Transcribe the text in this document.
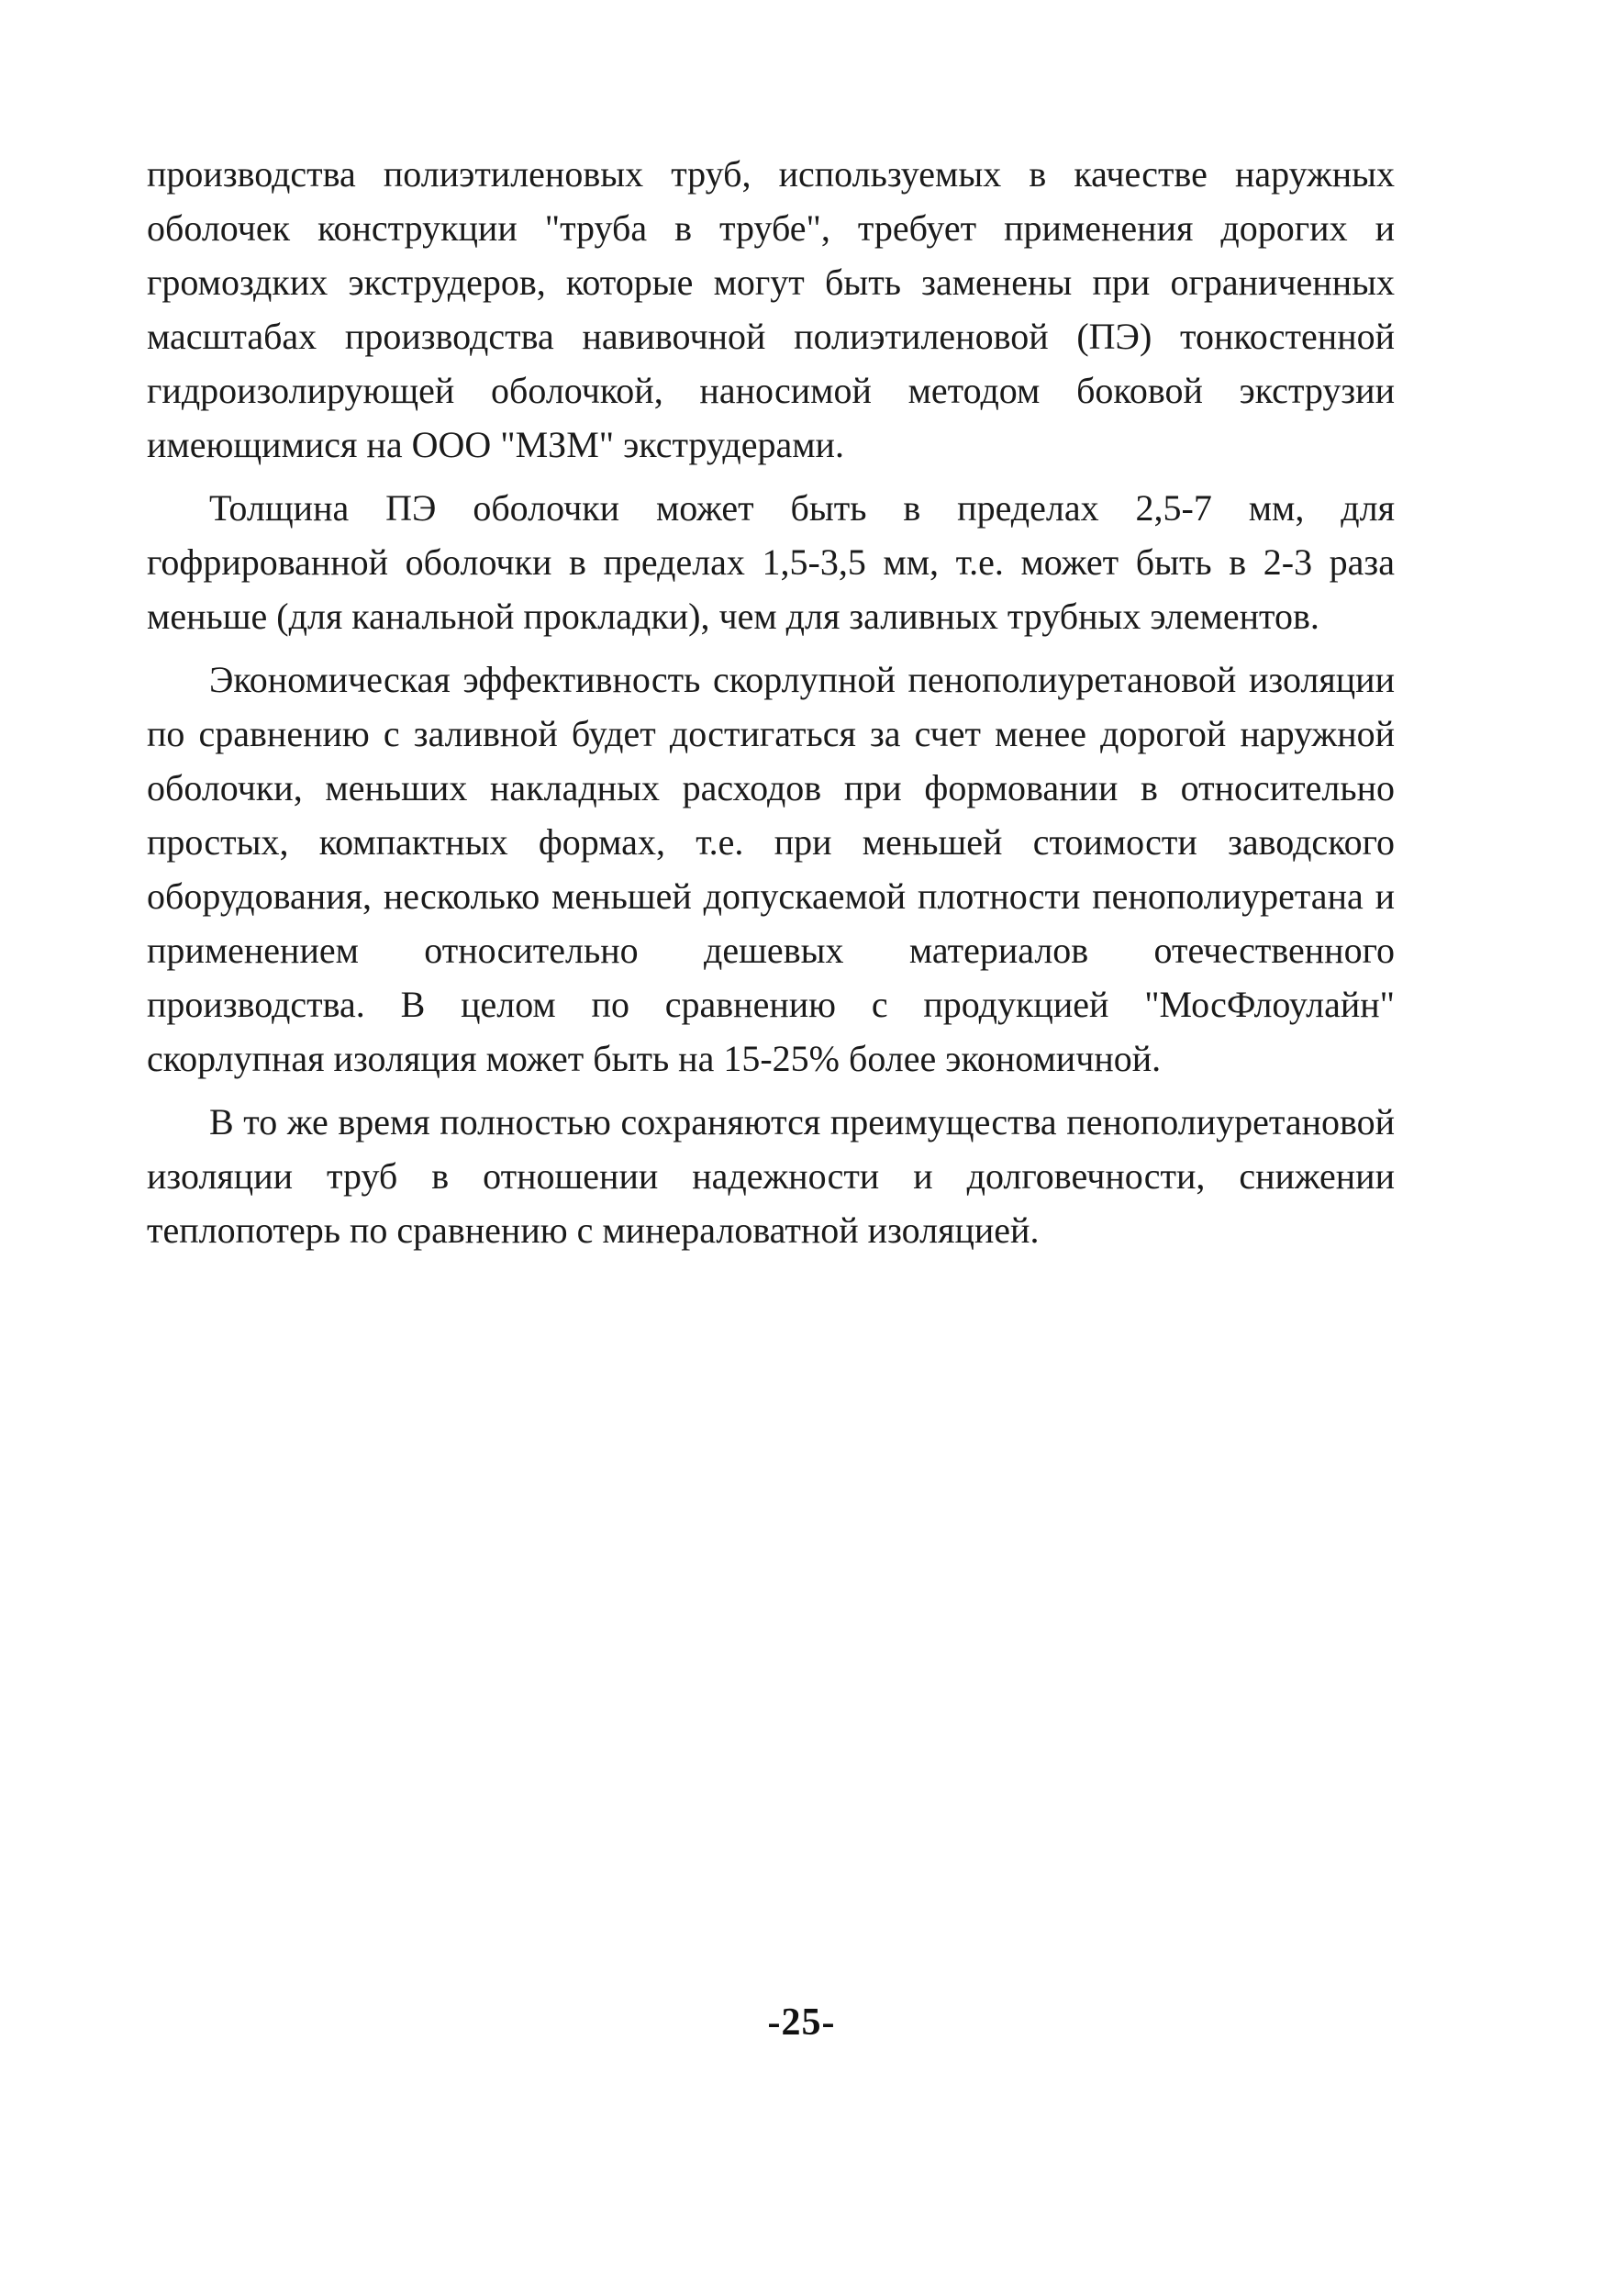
производства полиэтиленовых труб, используемых в качестве наружных оболочек конструкции "труба в трубе", требует применения дорогих и громоздких экструдеров, которые могут быть заменены при ограниченных масштабах производства навивочной полиэтиленовой (ПЭ) тонкостенной гидроизолирующей оболочкой, наносимой методом боковой экструзии имеющимися на ООО "МЗМ" экструдерами.

Толщина ПЭ оболочки может быть в пределах 2,5-7 мм, для гофрированной оболочки в пределах 1,5-3,5 мм, т.е. может быть в 2-3 раза меньше (для канальной прокладки), чем для заливных трубных элементов.

Экономическая эффективность скорлупной пенополиуретановой изоляции по сравнению с заливной будет достигаться за счет менее дорогой наружной оболочки, меньших накладных расходов при формовании в относительно простых, компактных формах, т.е. при меньшей стоимости заводского оборудования, несколько меньшей допускаемой плотности пенополиуретана и применением относительно дешевых материалов отечественного производства. В целом по сравнению с продукцией "МосФлоулайн" скорлупная изоляция может быть на 15-25% более экономичной.

В то же время полностью сохраняются преимущества пенополиуретановой изоляции труб в отношении надежности и долговечности, снижении теплопотерь по сравнению с минераловатной изоляцией.

-25-
